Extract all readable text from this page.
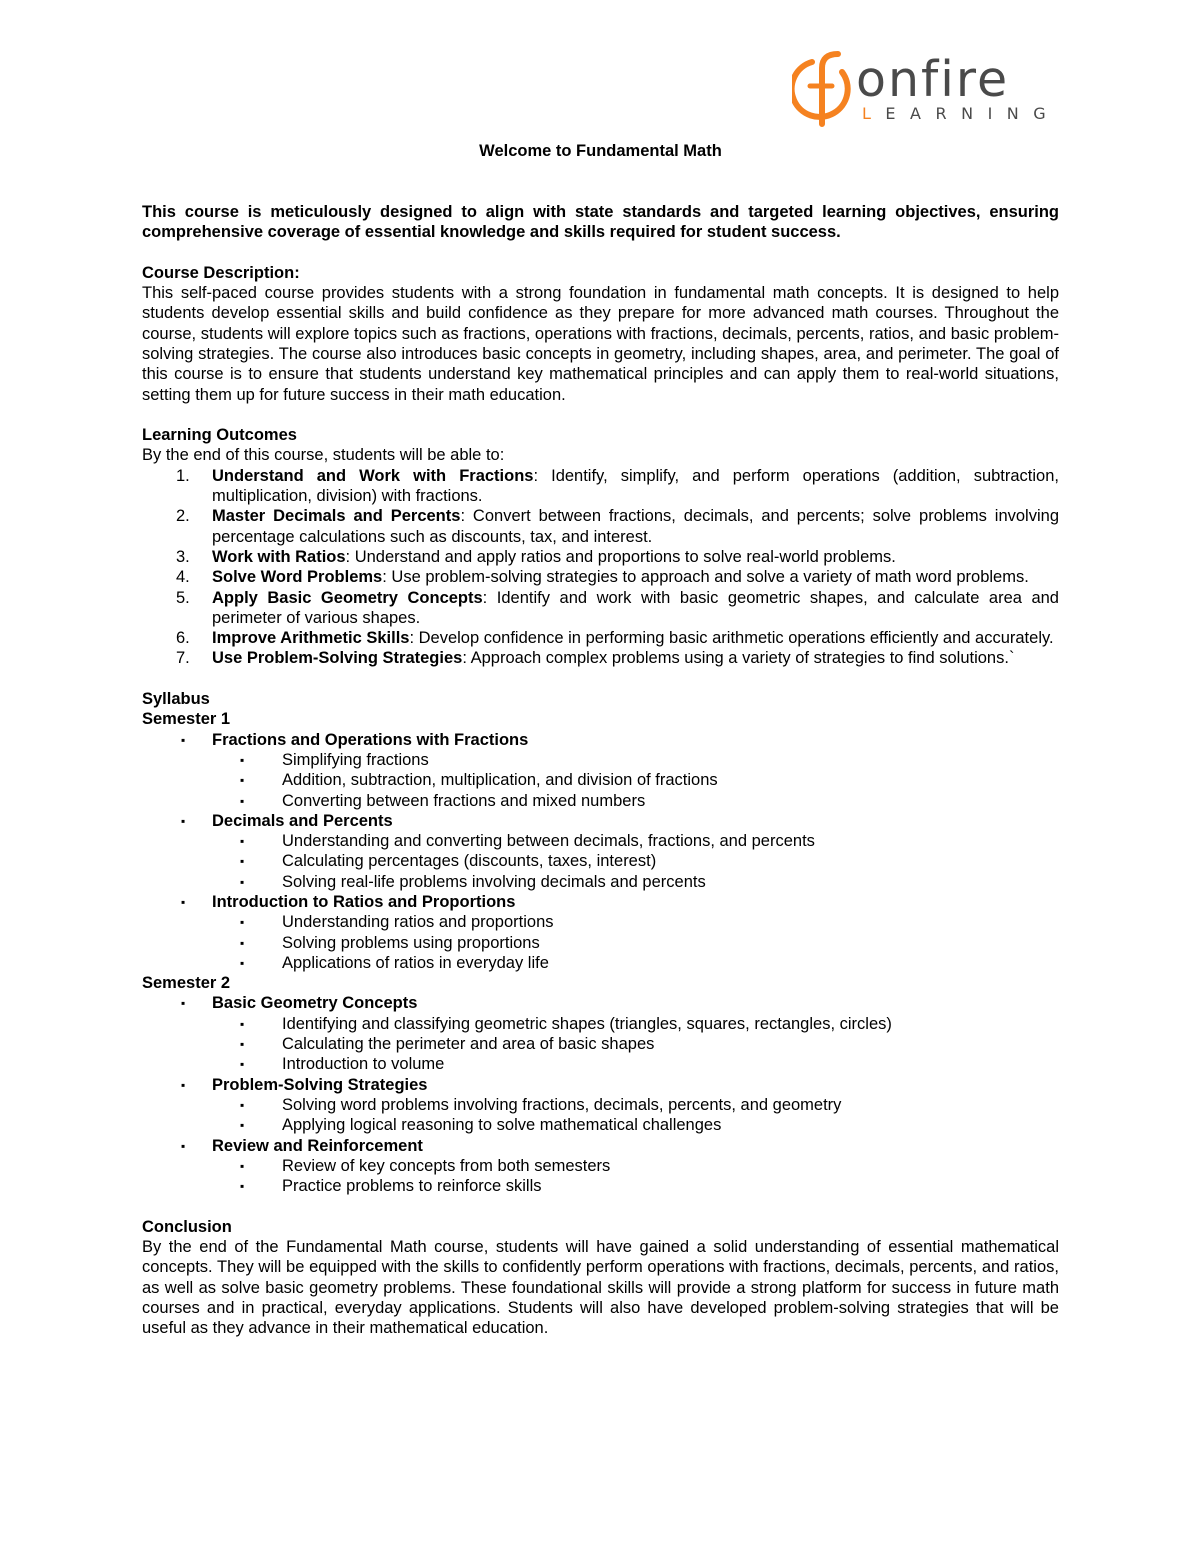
onfire
LEARNING

Welcome to Fundamental Math

This course is meticulously designed to align with state standards and targeted learning objectives, ensuring comprehensive coverage of essential knowledge and skills required for student success.

Course Description:

This self-paced course provides students with a strong foundation in fundamental math concepts. It is designed to help students develop essential skills and build confidence as they prepare for more advanced math courses. Throughout the course, students will explore topics such as fractions, operations with fractions, decimals, percents, ratios, and basic problem-solving strategies. The course also introduces basic concepts in geometry, including shapes, area, and perimeter. The goal of this course is to ensure that students understand key mathematical principles and can apply them to real-world situations, setting them up for future success in their math education.

Learning Outcomes

By the end of this course, students will be able to:

1. Understand and Work with Fractions: Identify, simplify, and perform operations (addition, subtraction, multiplication, division) with fractions.
2. Master Decimals and Percents: Convert between fractions, decimals, and percents; solve problems involving percentage calculations such as discounts, tax, and interest.
3. Work with Ratios: Understand and apply ratios and proportions to solve real-world problems.
4. Solve Word Problems: Use problem-solving strategies to approach and solve a variety of math word problems.
5. Apply Basic Geometry Concepts: Identify and work with basic geometric shapes, and calculate area and perimeter of various shapes.
6. Improve Arithmetic Skills: Develop confidence in performing basic arithmetic operations efficiently and accurately.
7. Use Problem-Solving Strategies: Approach complex problems using a variety of strategies to find solutions.`

Syllabus

Semester 1

▪ Fractions and Operations with Fractions
▪ Simplifying fractions
▪ Addition, subtraction, multiplication, and division of fractions
▪ Converting between fractions and mixed numbers
▪ Decimals and Percents
▪ Understanding and converting between decimals, fractions, and percents
▪ Calculating percentages (discounts, taxes, interest)
▪ Solving real-life problems involving decimals and percents
▪ Introduction to Ratios and Proportions
▪ Understanding ratios and proportions
▪ Solving problems using proportions
▪ Applications of ratios in everyday life

Semester 2

▪ Basic Geometry Concepts
▪ Identifying and classifying geometric shapes (triangles, squares, rectangles, circles)
▪ Calculating the perimeter and area of basic shapes
▪ Introduction to volume
▪ Problem-Solving Strategies
▪ Solving word problems involving fractions, decimals, percents, and geometry
▪ Applying logical reasoning to solve mathematical challenges
▪ Review and Reinforcement
▪ Review of key concepts from both semesters
▪ Practice problems to reinforce skills

Conclusion

By the end of the Fundamental Math course, students will have gained a solid understanding of essential mathematical concepts. They will be equipped with the skills to confidently perform operations with fractions, decimals, percents, and ratios, as well as solve basic geometry problems. These foundational skills will provide a strong platform for success in future math courses and in practical, everyday applications. Students will also have developed problem-solving strategies that will be useful as they advance in their mathematical education.
